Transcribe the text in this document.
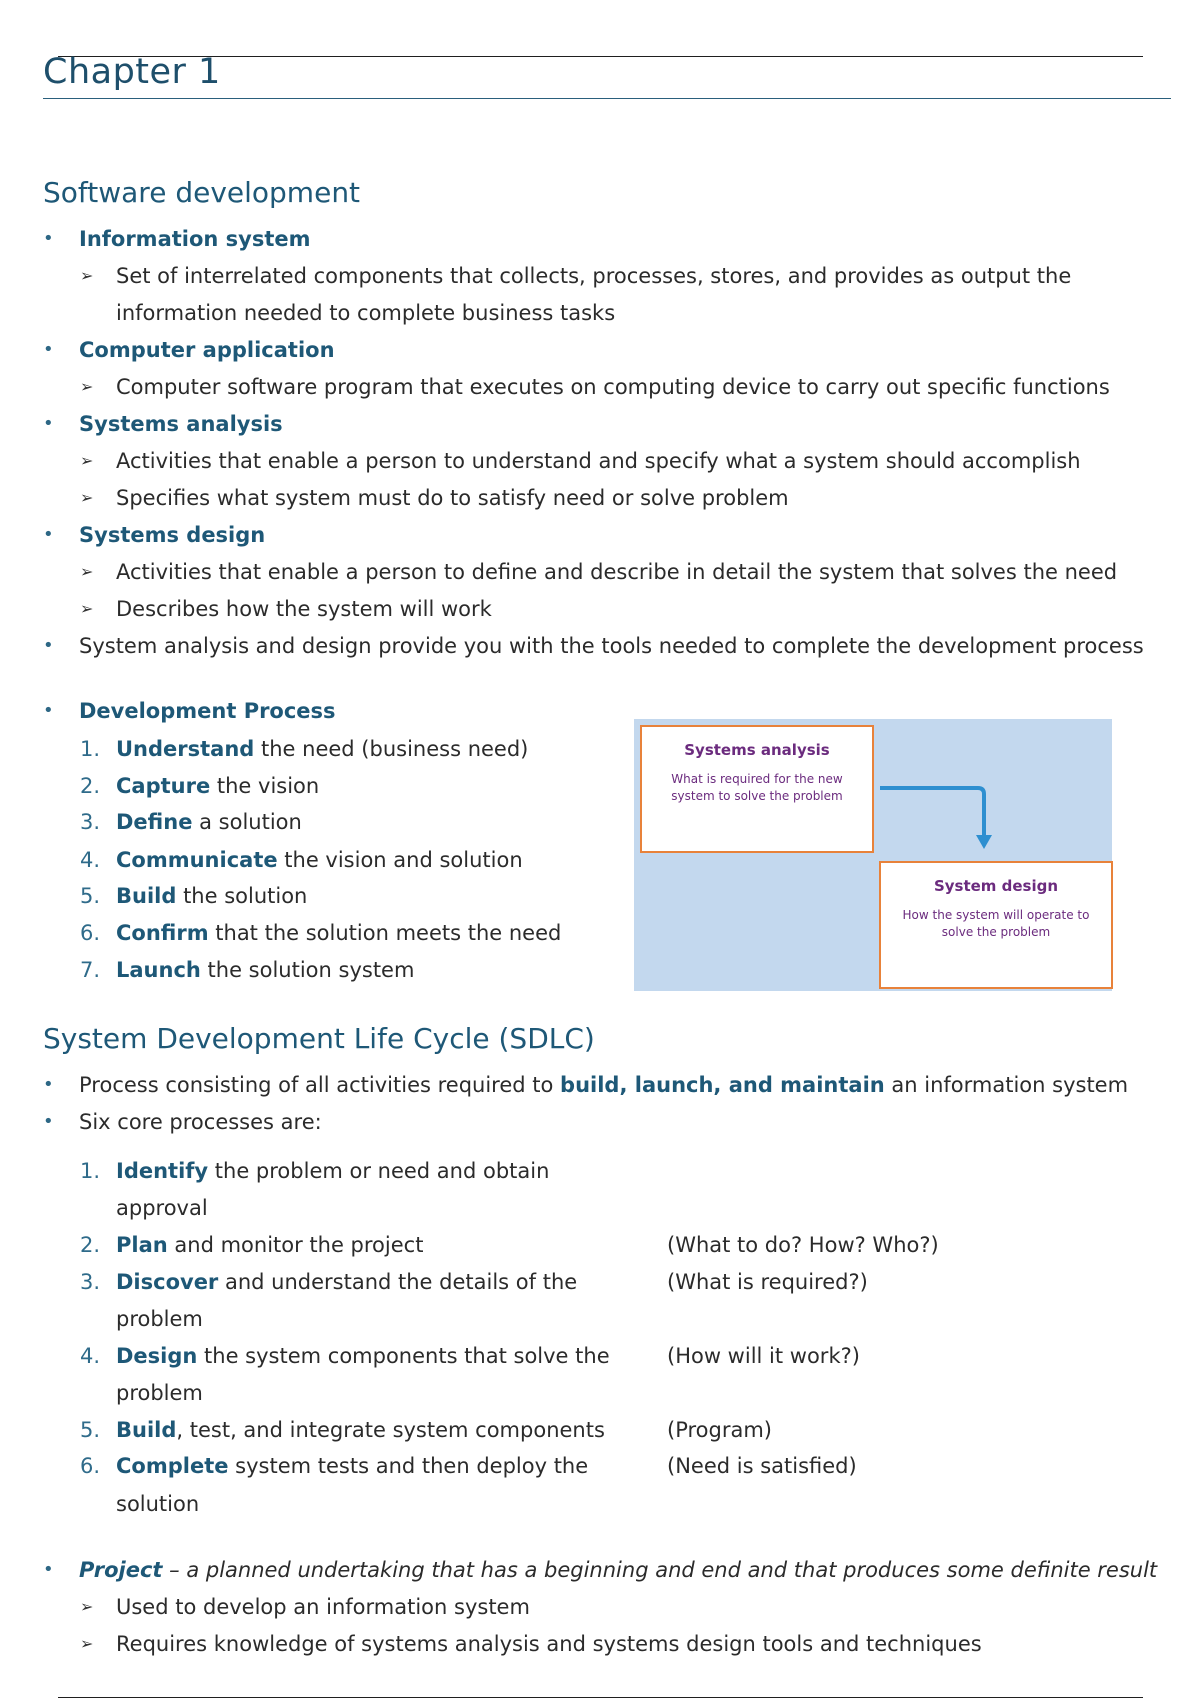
Chapter 1
Software development
• Information system
➢ Set of interrelated components that collects, processes, stores, and provides as output the
information needed to complete business tasks
• Computer application
➢ Computer software program that executes on computing device to carry out specific functions
• Systems analysis
➢ Activities that enable a person to understand and specify what a system should accomplish
➢ Specifies what system must do to satisfy need or solve problem
• Systems design
➢ Activities that enable a person to define and describe in detail the system that solves the need
➢ Describes how the system will work
• System analysis and design provide you with the tools needed to complete the development process
• Development Process
1. Understand the need (business need)
2. Capture the vision
3. Define a solution
4. Communicate the vision and solution
5. Build the solution
6. Confirm that the solution meets the need
7. Launch the solution system
Systems analysis
What is required for the new system to solve the problem
System design
How the system will operate to solve the problem
System Development Life Cycle (SDLC)
• Process consisting of all activities required to build, launch, and maintain an information system
• Six core processes are:
1. Identify the problem or need and obtain
approval
2. Plan and monitor the project	(What to do? How? Who?)
3. Discover and understand the details of the	(What is required?)
problem
4. Design the system components that solve the	(How will it work?)
problem
5. Build, test, and integrate system components	(Program)
6. Complete system tests and then deploy the	(Need is satisfied)
solution
• Project – a planned undertaking that has a beginning and end and that produces some definite result
➢ Used to develop an information system
➢ Requires knowledge of systems analysis and systems design tools and techniques
